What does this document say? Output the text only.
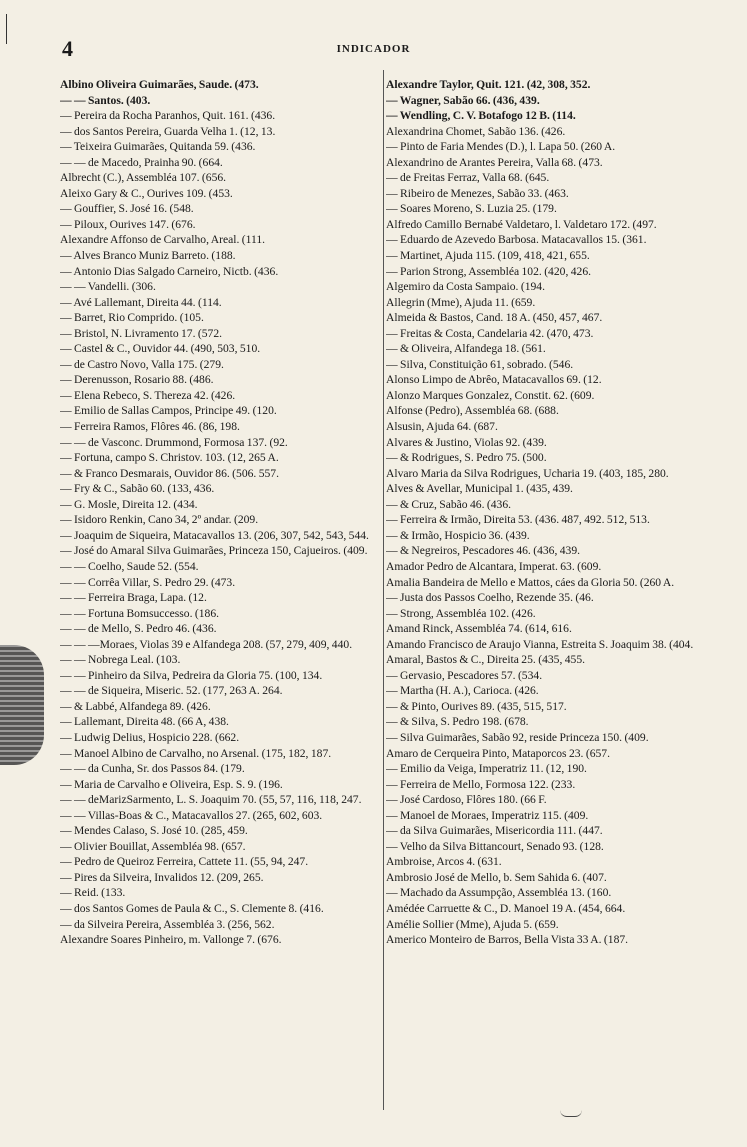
4	INDICADOR
Albino Oliveira Guimarães, Saude. (473.
— — Santos. (403.
— Pereira da Rocha Paranhos, Quit. 161. (436.
— dos Santos Pereira, Guarda Velha 1. (12, 13.
— Teixeira Guimarães, Quitanda 59. (436.
— — de Macedo, Prainha 90. (664.
Albrecht (C.), Assembléa 107. (656.
Aleixo Gary & C., Ourives 109. (453.
— Gouffier, S. José 16. (548.
— Piloux, Ourives 147. (676.
Alexandre Affonso de Carvalho, Areal. (111.
— Alves Branco Muniz Barreto. (188.
— Antonio Dias Salgado Carneiro, Nictb. (436.
— — Vandelli. (306.
— Avé Lallemant, Direita 44. (114.
— Barret, Rio Comprido. (105.
— Bristol, N. Livramento 17. (572.
— Castel & C., Ouvidor 44. (490, 503, 510.
— de Castro Novo, Valla 175. (279.
— Derenusson, Rosario 88. (486.
— Elena Rebeco, S. Thereza 42. (426.
— Emilio de Sallas Campos, Principe 49. (120.
— Ferreira Ramos, Flôres 46. (86, 198.
— — de Vasconc. Drummond, Formosa 137. (92.
— Fortuna, campo S. Christov. 103. (12, 265 A.
— & Franco Desmarais, Ouvidor 86. (506. 557.
— Fry & C., Sabão 60. (133, 436.
— G. Mosle, Direita 12. (434.
— Isidoro Renkin, Cano 34, 2º andar. (209.
— Joaquim de Siqueira, Matacavallos 13. (206, 307, 542, 543, 544.
— José do Amaral Silva Guimarães, Princeza 150, Cajueiros. (409.
— — Coelho, Saude 52. (554.
— — Corrêa Villar, S. Pedro 29. (473.
— — Ferreira Braga, Lapa. (12.
— — Fortuna Bomsuccesso. (186.
— — de Mello, S. Pedro 46. (436.
— — —Moraes, Violas 39 e Alfandega 208. (57, 279, 409, 440.
— — Nobrega Leal. (103.
— — Pinheiro da Silva, Pedreira da Gloria 75. (100, 134.
— — de Siqueira, Miseric. 52. (177, 263 A. 264.
— & Labbé, Alfandega 89. (426.
— Lallemant, Direita 48. (66 A, 438.
— Ludwig Delius, Hospicio 228. (662.
— Manoel Albino de Carvalho, no Arsenal. (175, 182, 187.
— — da Cunha, Sr. dos Passos 84. (179.
— Maria de Carvalho e Oliveira, Esp. S. 9. (196.
— — deMarizSarmento, L. S. Joaquim 70. (55, 57, 116, 118, 247.
— — Villas-Boas & C., Matacavallos 27. (265, 602, 603.
— Mendes Calaso, S. José 10. (285, 459.
— Olivier Bouillat, Assembléa 98. (657.
— Pedro de Queiroz Ferreira, Cattete 11. (55, 94, 247.
— Pires da Silveira, Invalidos 12. (209, 265.
— Reid. (133.
— dos Santos Gomes de Paula & C., S. Clemente 8. (416.
— da Silveira Pereira, Assembléa 3. (256, 562.
Alexandre Soares Pinheiro, m. Vallonge 7. (676.
Alexandre Taylor, Quit. 121. (42, 308, 352.
— Wagner, Sabão 66. (436, 439.
— Wendling, C. V. Botafogo 12 B. (114.
Alexandrina Chomet, Sabão 136. (426.
— Pinto de Faria Mendes (D.), l. Lapa 50. (260 A.
Alexandrino de Arantes Pereira, Valla 68. (473.
— de Freitas Ferraz, Valla 68. (645.
— Ribeiro de Menezes, Sabão 33. (463.
— Soares Moreno, S. Luzia 25. (179.
Alfredo Camillo Bernabé Valdetaro, l. Valdetaro 172. (497.
— Eduardo de Azevedo Barbosa. Matacavallos 15. (361.
— Martinet, Ajuda 115. (109, 418, 421, 655.
— Parion Strong, Assembléa 102. (420, 426.
Algemiro da Costa Sampaio. (194.
Allegrin (Mme), Ajuda 11. (659.
Almeida & Bastos, Cand. 18 A. (450, 457, 467.
— Freitas & Costa, Candelaria 42. (470, 473.
— & Oliveira, Alfandega 18. (561.
— Silva, Constituição 61, sobrado. (546.
Alonso Limpo de Abrêo, Matacavallos 69. (12.
Alonzo Marques Gonzalez, Constit. 62. (609.
Alfonse (Pedro), Assembléa 68. (688.
Alsusin, Ajuda 64. (687.
Alvares & Justino, Violas 92. (439.
— & Rodrigues, S. Pedro 75. (500.
Alvaro Maria da Silva Rodrigues, Ucharia 19. (403, 185, 280.
Alves & Avellar, Municipal 1. (435, 439.
— & Cruz, Sabão 46. (436.
— Ferreira & Irmão, Direita 53. (436. 487, 492. 512, 513.
— & Irmão, Hospicio 36. (439.
— & Negreiros, Pescadores 46. (436, 439.
Amador Pedro de Alcantara, Imperat. 63. (609.
Amalia Bandeira de Mello e Mattos, cáes da Gloria 50. (260 A.
— Justa dos Passos Coelho, Rezende 35. (46.
— Strong, Assembléa 102. (426.
Amand Rinck, Assembléa 74. (614, 616.
Amando Francisco de Araujo Vianna, Estreita S. Joaquim 38. (404.
Amaral, Bastos & C., Direita 25. (435, 455.
— Gervasio, Pescadores 57. (534.
— Martha (H. A.), Carioca. (426.
— & Pinto, Ourives 89. (435, 515, 517.
— & Silva, S. Pedro 198. (678.
— Silva Guimarães, Sabão 92, reside Princeza 150. (409.
Amaro de Cerqueira Pinto, Mataporcos 23. (657.
— Emilio da Veiga, Imperatriz 11. (12, 190.
— Ferreira de Mello, Formosa 122. (233.
— José Cardoso, Flôres 180. (66 F.
— Manoel de Moraes, Imperatriz 115. (409.
— da Silva Guimarães, Misericordia 111. (447.
— Velho da Silva Bittancourt, Senado 93. (128.
Ambroise, Arcos 4. (631.
Ambrosio José de Mello, b. Sem Sahida 6. (407.
— Machado da Assumpção, Assembléa 13. (160.
Amédée Carruette & C., D. Manoel 19 A. (454, 664.
Amélie Sollier (Mme), Ajuda 5. (659.
Americo Monteiro de Barros, Bella Vista 33 A. (187.
